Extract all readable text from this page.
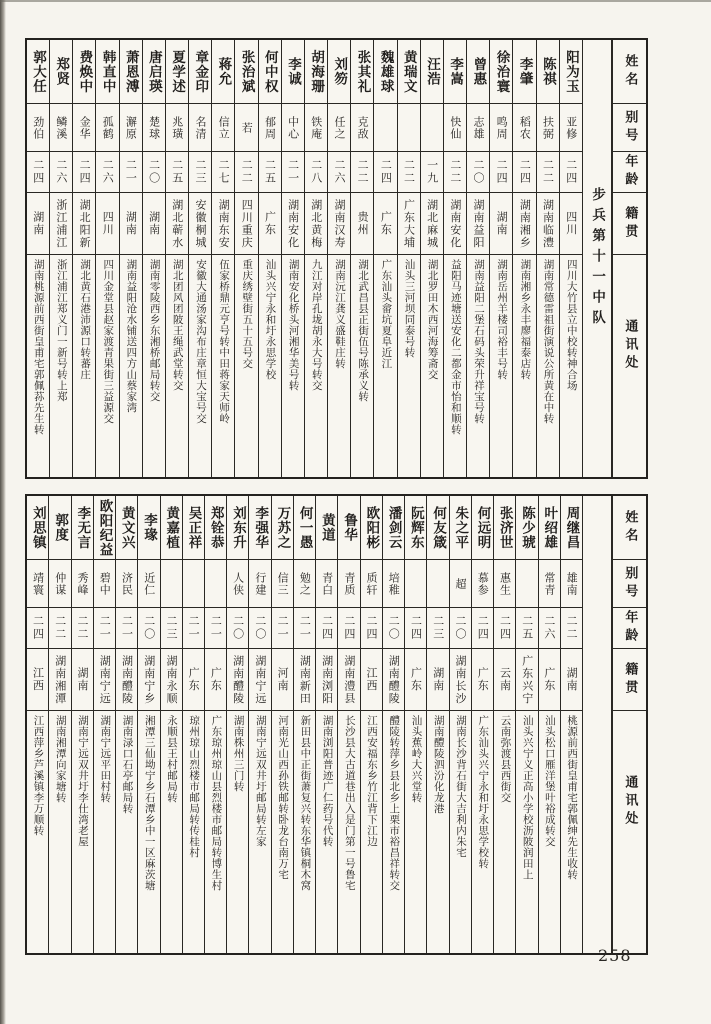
姓名
别号
年龄
籍贯
通讯处
步兵第十一中队
阳为玉
亚修
二四
四川
四川大竹县立中校转神合场
陈祺
扶弼
二二
湖南临澧
湖南常德雷祖街演说公所黄在中转
李肇
稻农
二四
湖南湘乡
湖南湘乡永丰廖福泰店转
徐治寰
鸣周
二四
湖南
湖南岳州羊楼司裕丰号转
曾惠
志雄
二〇
湖南益阳
湖南益阳二堡石码头荣升祥宝号转
李嵩
快仙
二二
湖南安化
益阳马迹塘送安化二都金市怡和顺转
汪浩
一九
湖北麻城
湖北罗田木西河海筹斋交
黄瑞文
二二
广东大埔
汕头三河坝同泰号转
魏雄球
二四
广东
广东汕头畲坑夏阜近江
张其礼
克敌
二二
贵州
湖北武昌县正街伍号陈承义转
刘笏
任之
二六
湖南汉寿
湖南沅江龚义盛鞋庄转
胡海珊
铁庵
二八
湖北黄梅
九江对岸孔垅胡永大号转交
李诚
中心
二一
湖南安化
湖南安化桥头河湘华美号转
何中权
郁周
二五
广东
汕头兴宁永和圩永思学校
张治斌
若
二二
四川重庆
重庆绣壁街五十五号交
蒋允
信立
二七
湖南东安
伍家桥鼎元亨号转中田蒋家天师岭
章金印
名清
二三
安徽桐城
安徽大通汤家沟布庄章恒大宝号交
夏学述
兆璜
二五
湖北蕲水
湖北团风团陂王绳武堂转交
唐启瑛
楚球
二〇
湖南
湖南零陵西乡东湘桥邮局转交
萧恩溥
澥原
二一
湖南
湖南益阳沧水铺送四方山蔡家湾
韩直中
孤鹤
二六
四川
四川金堂县赵家渡青果街三益源交
费焕中
金华
二四
湖北阳新
湖北黄石港沛源口转蕃庄
郑贤
鳞溪
二六
浙江浦江
浙江浦江郑义门一新号转上郑
郭大任
劲伯
二四
湖南
湖南桃源前西街皇甫宅郭佩荪先生转
姓名
别号
年龄
籍贯
通讯处
周继昌
雄南
二二
湖南
桃源前西街皇甫宅郭佩绅先生收转
叶绍雄
常青
二六
广东
汕头松口雁洋堡叶裕成转交
陈少琥
二五
广东兴宁
汕头兴宁义正高小学校沥陂润田上
张济世
惠生
二四
云南
云南弥渡县西街交
何远明
慕参
二四
广东
广东汕头兴宁永和圩永思学校转
朱之平
超
二〇
湖南长沙
湖南长沙背石街大吉利内朱宅
何友箴
二三
湖南
湖南醴陵泗汾化龙港
阮辉东
二四
广东
汕头蕉岭大兴堂转
潘剑云
培稚
二〇
湖南醴陵
醴陵转萍乡县北乡上栗市裕昌祥转交
欧阳彬
质轩
二四
江西
江西安福东乡竹江背下江边
鲁华
青质
二四
湖南澧县
长沙县大古道巷出入是门第一号鲁宅
黄道
青白
二四
湖南浏阳
湖南浏阳普迹广仁药号代转
何一愚
勉之
二一
湖南新田
新田县中正街萧复兴转东华镇桐木窝
万苏之
信三
二一
河南
河南光山西孙铁邮转卧龙台南万宅
李强华
行建
二〇
湖南宁远
湖南宁远双井圩邮局转左家
刘东升
人侠
二〇
湖南醴陵
湖南株州三门转
郑铨恭
二一
广东
广东琼州琼山县烈楼市邮局转博生村
吴正祥
二一
广东
琼州琼山烈楼市邮局转传桂村
黄嘉植
二三
湖南永顺
永顺县王村邮局转
李瑑
近仁
二〇
湖南宁乡
湘潭三仙坳宁乡石潭乡中一区麻茨塘
黄文兴
济民
二一
湖南醴陵
湖南渌口石亭邮局转
欧阳纪益
碧中
二一
湖南宁远
湖南宁远平田村转
李无言
秀峰
二二
湖南
湖南宁远双井圩李仕湾老屋
郭度
仲谋
二二
湖南湘潭
湖南湘潭向家塘转
刘思镇
靖寰
二四
江西
江西萍乡芦溪镇李万顺转
258
